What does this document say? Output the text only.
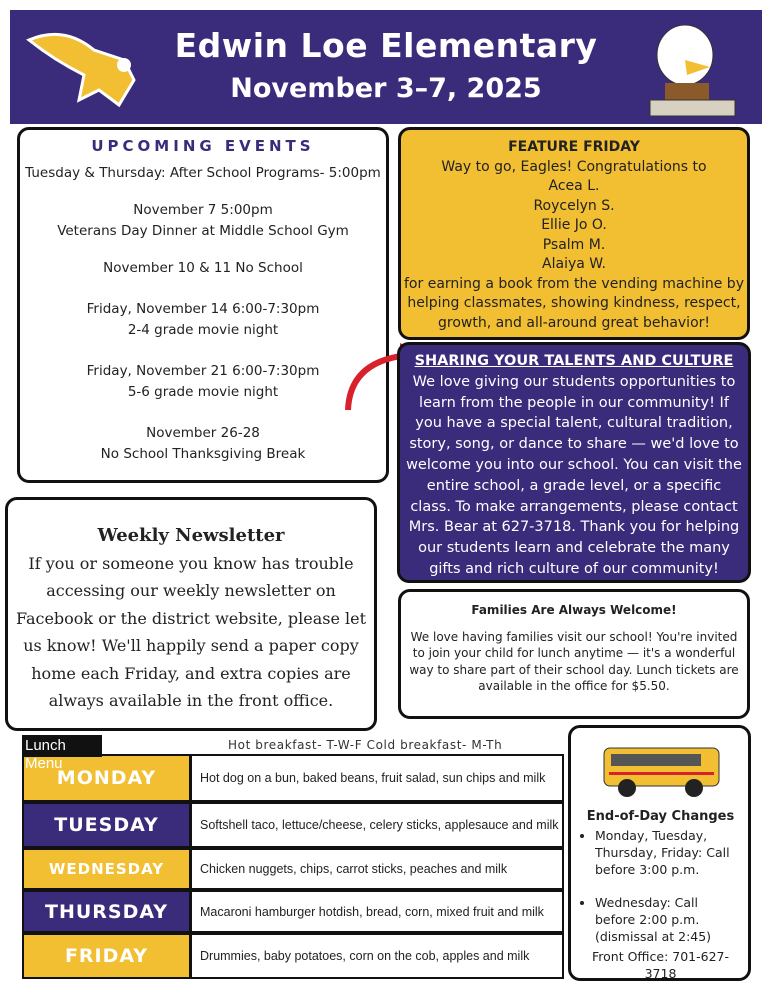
Edwin Loe Elementary
November 3–7, 2025
UPCOMING EVENTS
Tuesday & Thursday: After School Programs- 5:00pm
November 7 5:00pm
Veterans Day Dinner at Middle School Gym
November 10 & 11 No School
Friday, November 14 6:00-7:30pm
2-4 grade movie night
Friday, November 21 6:00-7:30pm
5-6 grade movie night
November 26-28
No School Thanksgiving Break
FEATURE FRIDAY
Way to go, Eagles! Congratulations to
Acea L.
Roycelyn S.
Ellie Jo O.
Psalm M.
Alaiya W.
for earning a book from the vending machine by helping classmates, showing kindness, respect, growth, and all-around great behavior!
SHARING YOUR TALENTS AND CULTURE
We love giving our students opportunities to learn from the people in our community! If you have a special talent, cultural tradition, story, song, or dance to share — we'd love to welcome you into our school. You can visit the entire school, a grade level, or a specific class. To make arrangements, please contact Mrs. Bear at 627-3718. Thank you for helping our students learn and celebrate the many gifts and rich culture of our community!
Weekly Newsletter
If you or someone you know has trouble accessing our weekly newsletter on Facebook or the district website, please let us know! We'll happily send a paper copy home each Friday, and extra copies are always available in the front office.
Families Are Always Welcome!
We love having families visit our school! You're invited to join your child for lunch anytime — it's a wonderful way to share part of their school day. Lunch tickets are available in the office for $5.50.
Lunch Menu
Hot breakfast- T-W-F Cold breakfast- M-Th
MONDAY	Hot dog on a bun, baked beans, fruit salad, sun chips and milk
TUESDAY	Softshell taco, lettuce/cheese, celery sticks, applesauce and milk
WEDNESDAY	Chicken nuggets, chips, carrot sticks, peaches and milk
THURSDAY	Macaroni hamburger hotdish, bread, corn, mixed fruit and milk
FRIDAY	Drummies, baby potatoes, corn on the cob, apples and milk
End-of-Day Changes
• Monday, Tuesday, Thursday, Friday: Call before 3:00 p.m.
• Wednesday: Call before 2:00 p.m. (dismissal at 2:45)
Front Office: 701-627-3718
